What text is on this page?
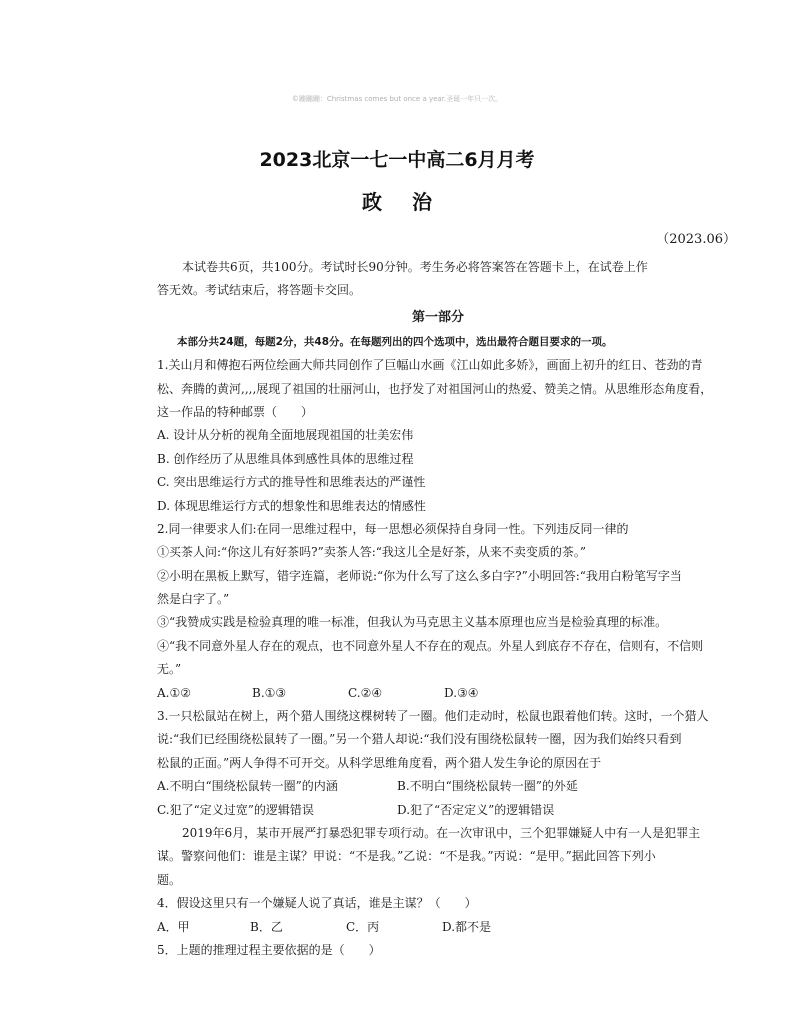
©蹦蹦蹦：Christmas comes but once a year.圣诞一年只一次。
2023北京一七一中高二6月月考
政治
（2023.06）
本试卷共6页，共100分。考试时长90分钟。考生务必将答案答在答题卡上，在试卷上作
答无效。考试结束后，将答题卡交回。
第一部分
本部分共24题，每题2分，共48分。在每题列出的四个选项中，选出最符合题目要求的一项。
1.关山月和傅抱石两位绘画大师共同创作了巨幅山水画《江山如此多娇》，画面上初升的红日、苍劲的青
松、奔腾的黄河,,,,展现了祖国的壮丽河山，也抒发了对祖国河山的热爱、赞美之情。从思维形态角度看，
这一作品的特种邮票（　　）
A. 设计从分析的视角全面地展现祖国的壮美宏伟
B. 创作经历了从思维具体到感性具体的思维过程
C. 突出思维运行方式的推导性和思维表达的严谨性
D. 体现思维运行方式的想象性和思维表达的情感性
2.同一律要求人们:在同一思维过程中，每一思想必须保持自身同一性。下列违反同一律的
①买茶人问:“你这儿有好茶吗?”卖茶人答:“我这儿全是好茶，从来不卖变质的茶。”
②小明在黑板上默写，错字连篇，老师说:“你为什么写了这么多白字?”小明回答:“我用白粉笔写字当
然是白字了。”
③“我赞成实践是检验真理的唯一标准，但我认为马克思主义基本原理也应当是检验真理的标准。
④“我不同意外星人存在的观点，也不同意外星人不存在的观点。外星人到底存不存在，信则有，不信则
无。”
A.①②	B.①③	C.②④	D.③④
3.一只松鼠站在树上，两个猎人围绕这棵树转了一圈。他们走动时，松鼠也跟着他们转。这时，一个猎人
说:“我们已经围绕松鼠转了一圈。”另一个猎人却说:“我们没有围绕松鼠转一圈，因为我们始终只看到
松鼠的正面。”两人争得不可开交。从科学思维角度看，两个猎人发生争论的原因在于
A.不明白“围绕松鼠转一圈”的内涵	B.不明白“围绕松鼠转一圈”的外延
C.犯了“定义过宽”的逻辑错误	D.犯了“否定定义”的逻辑错误
2019年6月，某市开展严打暴恐犯罪专项行动。在一次审讯中，三个犯罪嫌疑人中有一人是犯罪主
谋。警察问他们：谁是主谋？甲说：“不是我。”乙说：“不是我。”丙说：“是甲。”据此回答下列小
题。
4．假设这里只有一个嫌疑人说了真话，谁是主谋？（　　）
A．甲	B．乙	C．丙	D.都不是
5．上题的推理过程主要依据的是（　　）
